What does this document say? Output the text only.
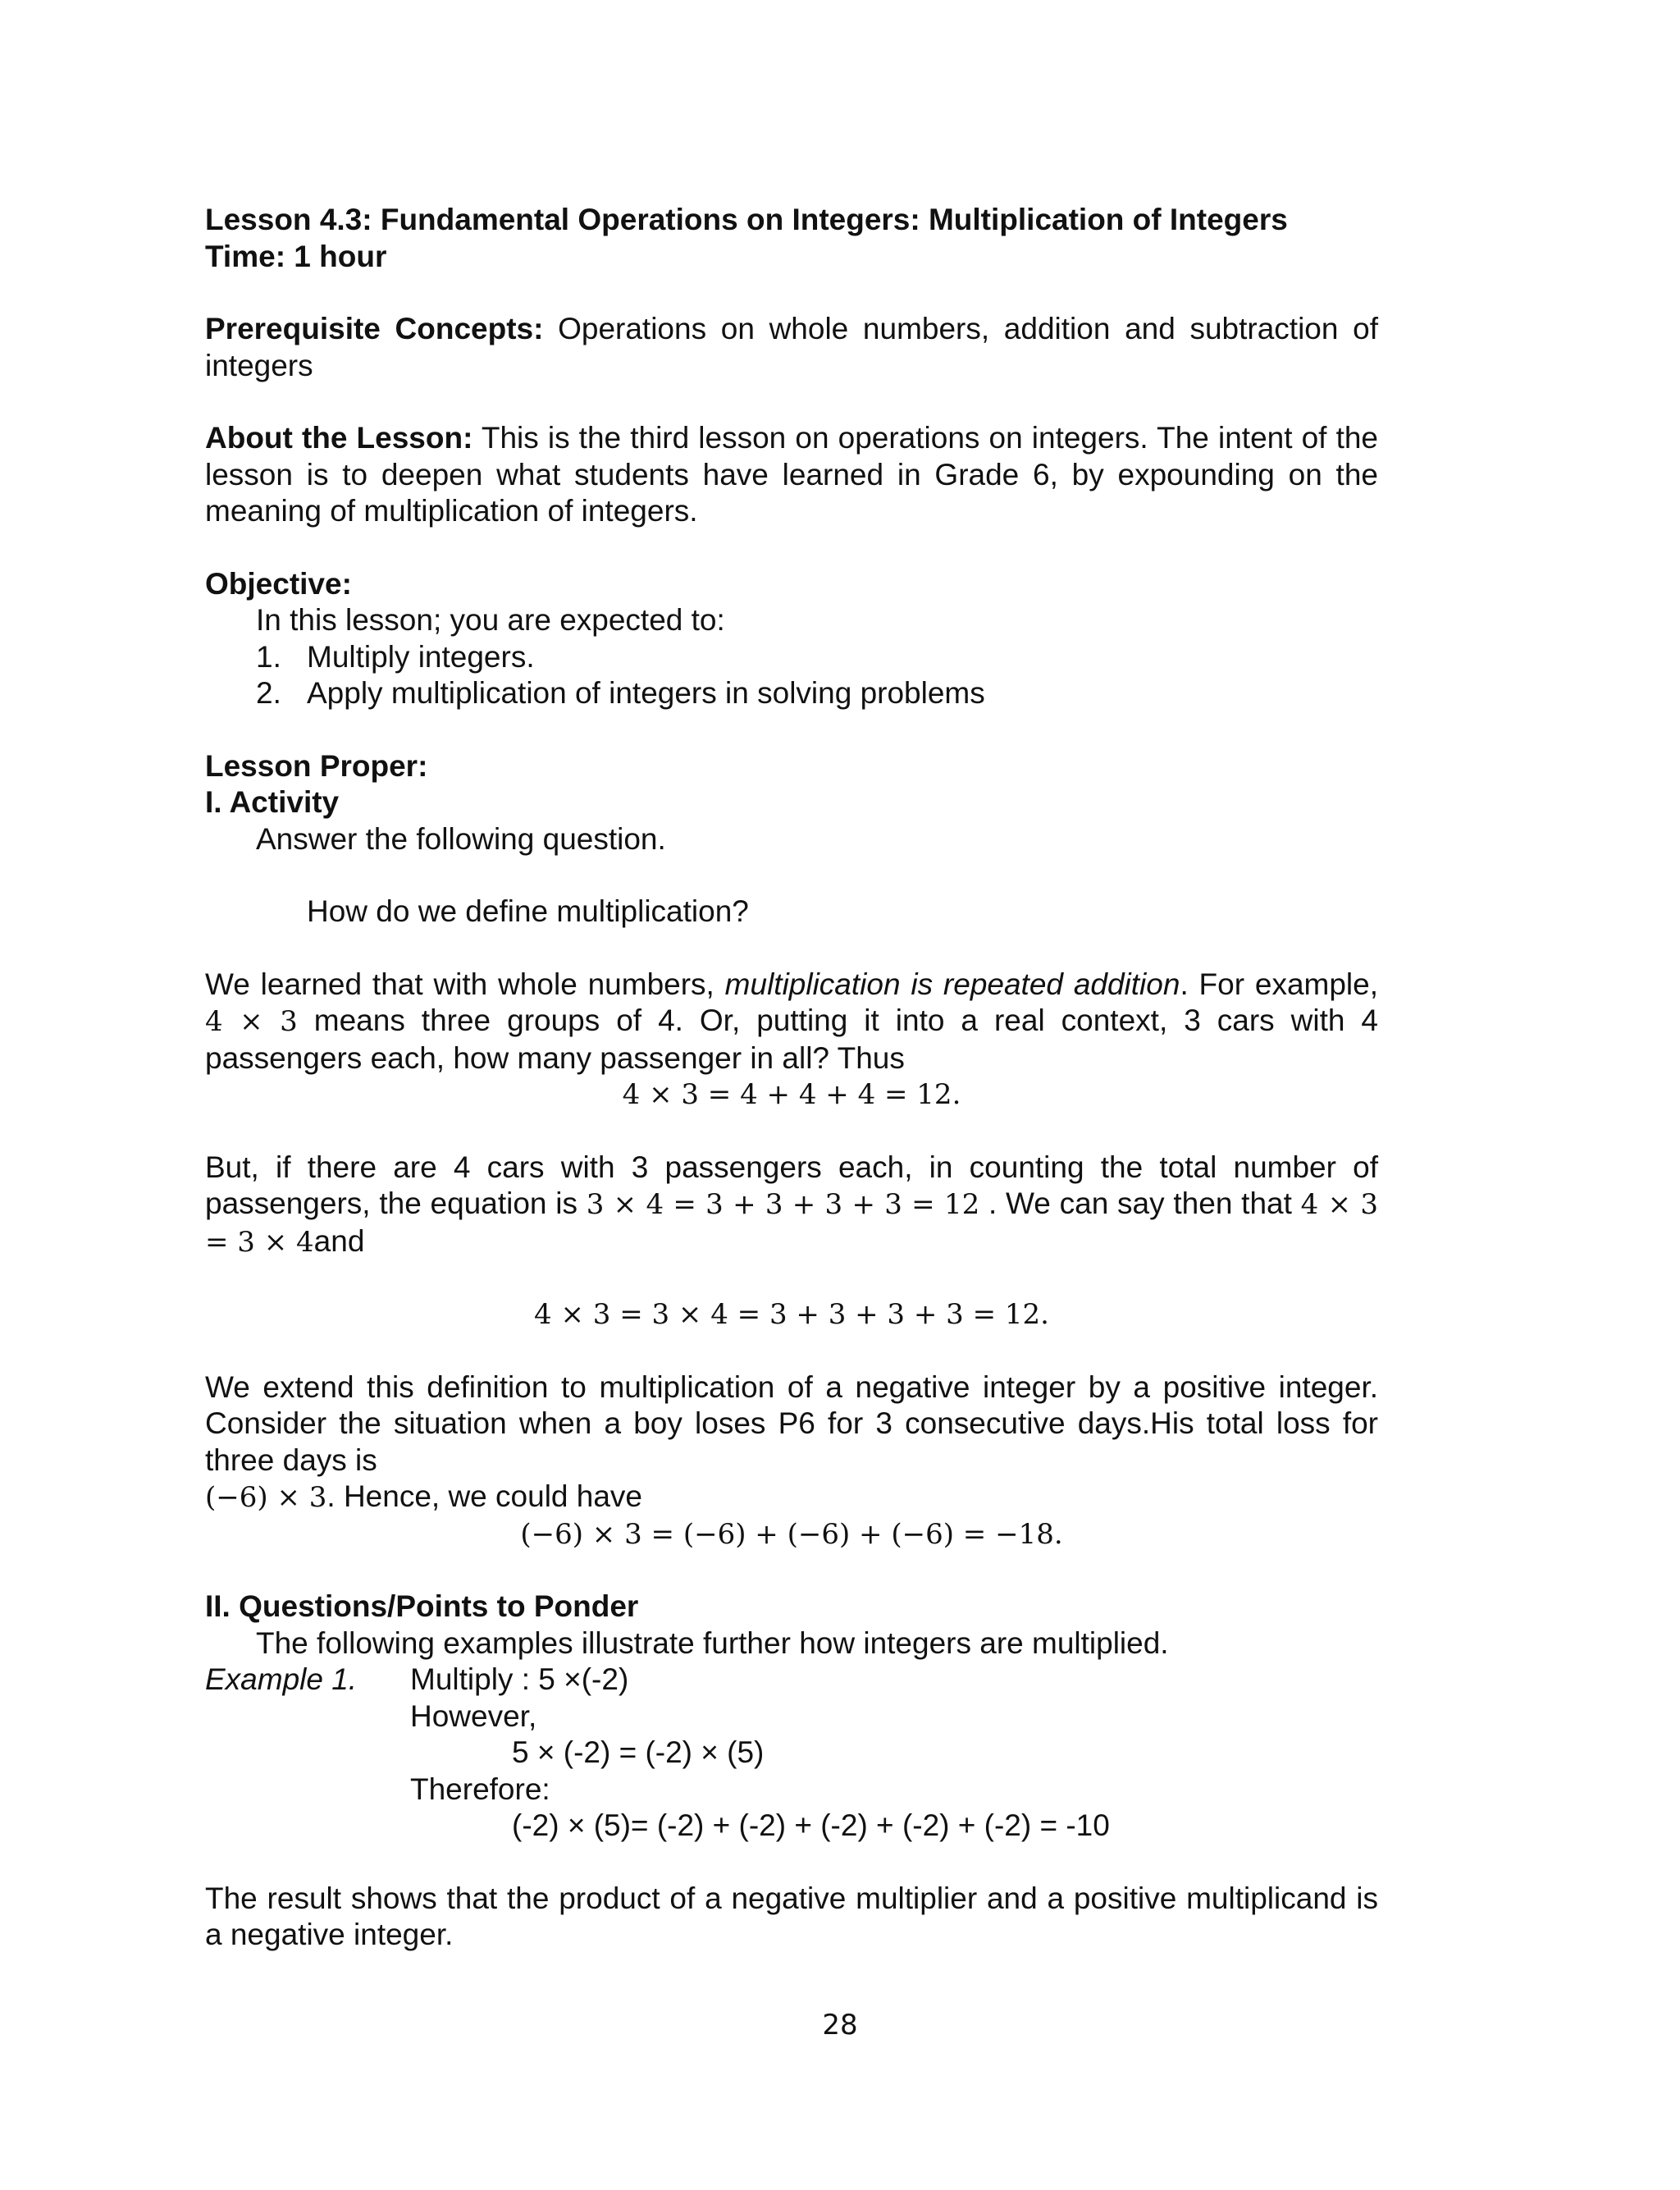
Lesson 4.3: Fundamental Operations on Integers: Multiplication of Integers
Time: 1 hour

Prerequisite Concepts: Operations on whole numbers, addition and subtraction of integers

About the Lesson: This is the third lesson on operations on integers. The intent of the lesson is to deepen what students have learned in Grade 6, by expounding on the meaning of multiplication of integers.

Objective:
In this lesson; you are expected to:
1. Multiply integers.
2. Apply multiplication of integers in solving problems
Lesson Proper:
I. Activity
Answer the following question.
How do we define multiplication?

We learned that with whole numbers, multiplication is repeated addition. For example, 4 × 3 means three groups of 4. Or, putting it into a real context, 3 cars with 4 passengers each, how many passenger in all? Thus

4 × 3 = 4 + 4 + 4 = 12.

But, if there are 4 cars with 3 passengers each, in counting the total number of passengers, the equation is 3 × 4 = 3 + 3 + 3 + 3 = 12 . We can say then that 4 × 3 = 3 × 4and

4 × 3 = 3 × 4 = 3 + 3 + 3 + 3 = 12.

We extend this definition to multiplication of a negative integer by a positive integer. Consider the situation when a boy loses P6 for 3 consecutive days.His total loss for three days is

(−6) × 3. Hence, we could have

(−6) × 3 = (−6) + (−6) + (−6) = −18.
II. Questions/Points to Ponder
The following examples illustrate further how integers are multiplied.
Example 1.	Multiply : 5 ×(-2)
However,
5 × (-2) = (-2) × (5)
Therefore:
(-2) × (5)= (-2) + (-2) + (-2) + (-2) + (-2) = -10

The result shows that the product of a negative multiplier and a positive multiplicand is a negative integer.

28
